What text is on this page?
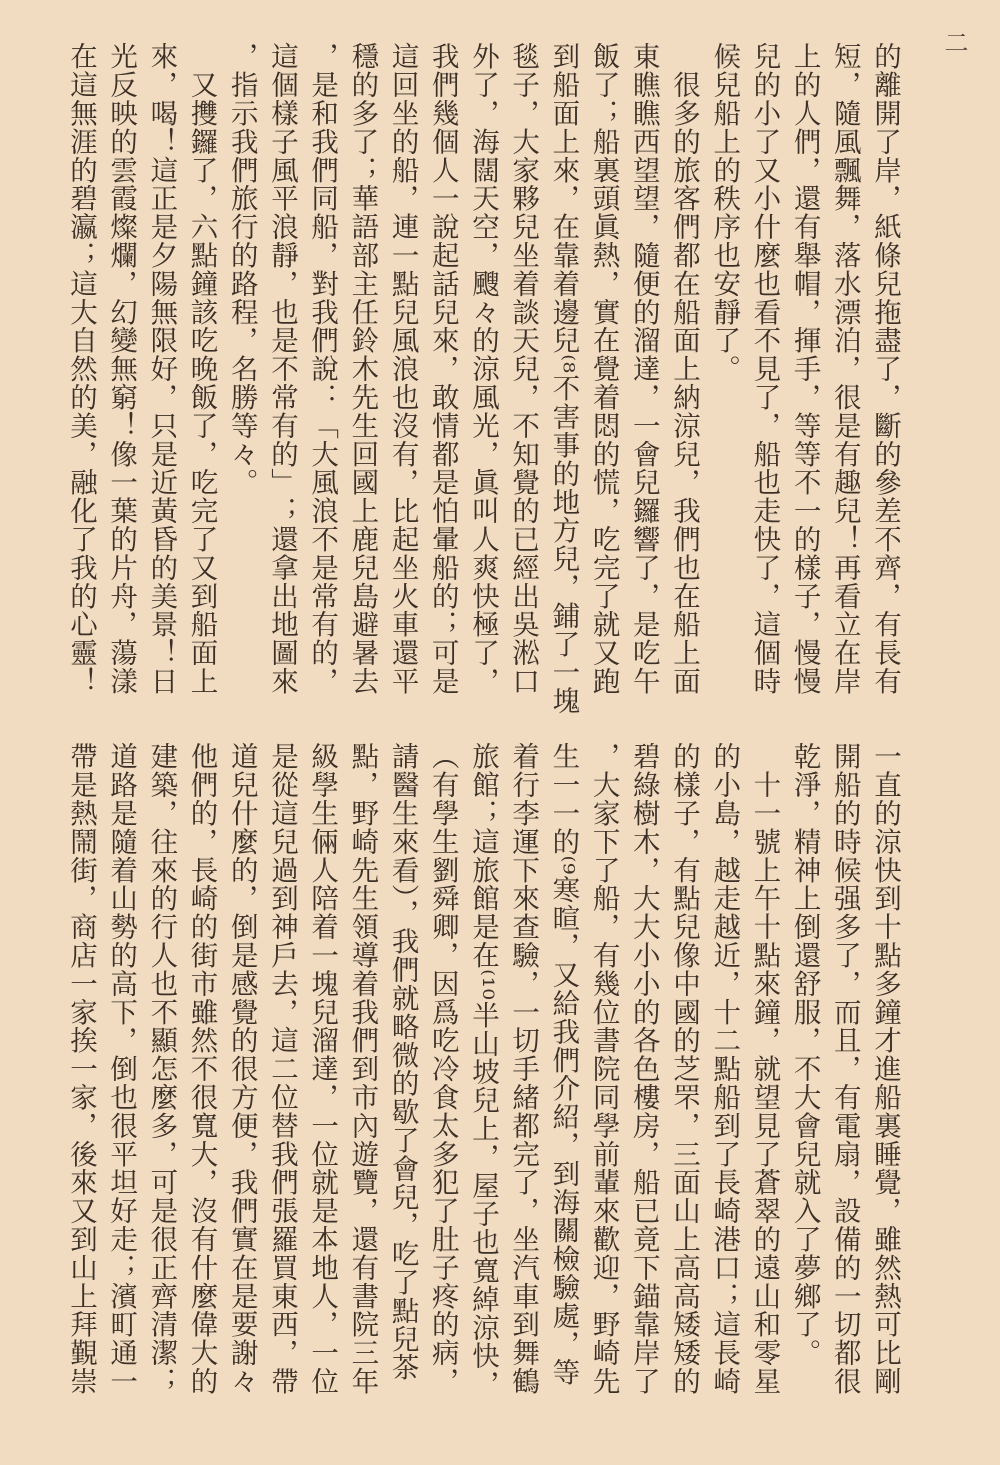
二
的離開了岸，紙條兒拖盡了，斷的參差不齊，有長有
短，隨風飄舞，落水漂泊，很是有趣兒！再看立在岸
上的人們，還有舉帽，揮手，等等不一的樣子，慢慢
兒的小了又小什麼也看不見了，船也走快了，這個時
候兒船上的秩序也安靜了。
　很多的旅客們都在船面上納涼兒，我們也在船上面
東瞧瞧西望望，隨便的溜達，一會兒鑼響了，是吃午
飯了；船裏頭眞熱，實在覺着悶的慌，吃完了就又跑
到船面上來，在靠着邊兒⁽⁸不害事的地方兒，鋪了一塊
毯子，大家夥兒坐着談天兒，不知覺的已經出吳淞口
外了，海闊天空，颼々的涼風光，眞叫人爽快極了，
我們幾個人一說起話兒來，敢情都是怕暈船的；可是
這回坐的船，連一點兒風浪也沒有，比起坐火車還平
穩的多了；華語部主任鈴木先生回國上鹿兒島避暑去
，是和我們同船，對我們說：「大風浪不是常有的，
這個樣子風平浪靜，也是不常有的」；還拿出地圖來
，指示我們旅行的路程，名勝等々。
　又㩳鑼了，六點鐘該吃晚飯了，吃完了又到船面上
來，喝！這正是夕陽無限好，只是近黃昏的美景！日
光反映的雲霞燦爛，幻變無窮！像一葉的片舟，蕩漾
在這無涯的碧瀛；這大自然的美，融化了我的心靈！
一直的涼快到十點多鐘才進船裏睡覺，雖然熱可比剛
開船的時候强多了，而且，有電扇，設備的一切都很
乾淨，精神上倒還舒服，不大會兒就入了夢鄉了。
　十一號上午十點來鐘，就望見了蒼翠的遠山和零星
的小島，越走越近，十二點船到了長崎港口；這長崎
的樣子，有點兒像中國的芝罘，三面山上高高矮矮的
碧綠樹木，大大小小的各色樓房，船已竟下錨靠岸了
，大家下了船，有幾位書院同學前輩來歡迎，野崎先
生一一的⁽⁹寒暄，又給我們介紹，到海關檢驗處，等
着行李運下來查驗，一切手緒都完了，坐汽車到舞鶴
旅館；這旅館是在⁽¹⁰半山坡兒上，屋子也寬綽涼快，
（有學生劉舜卿，因爲吃冷食太多犯了肚子疼的病，
請醫生來看），我們就略微的歇了會兒，吃了點兒茶
點，野崎先生領導着我們到市內遊覽，還有書院三年
級學生倆人陪着一塊兒溜達，一位就是本地人，一位
是從這兒過到神戶去，這二位替我們張羅買東西，帶
道兒什麼的，倒是感覺的很方便，我們實在是要謝々
他們的，長崎的街市雖然不很寬大，沒有什麼偉大的
建築，往來的行人也不顯怎麼多，可是很正齊清潔；
道路是隨着山勢的高下，倒也很平坦好走；濱町通一
帶是熱鬧街，商店一家挨一家，後來又到山上拜覲崇
